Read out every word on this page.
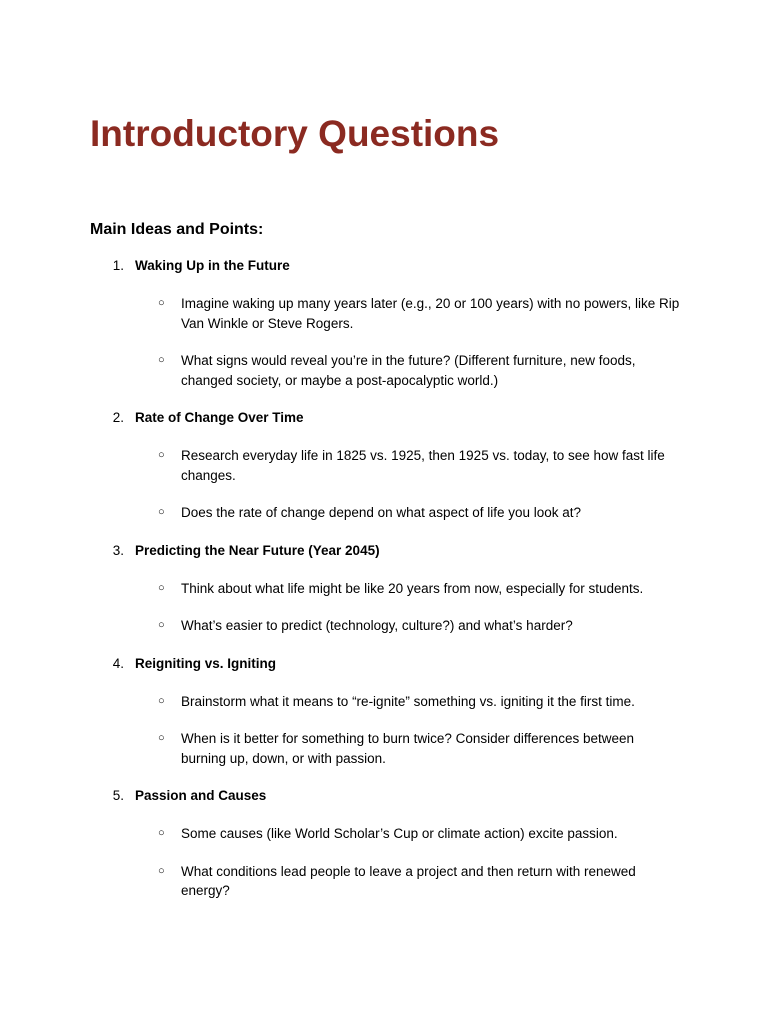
Introductory Questions
Main Ideas and Points:
1. Waking Up in the Future
○ Imagine waking up many years later (e.g., 20 or 100 years) with no powers, like Rip Van Winkle or Steve Rogers.
○ What signs would reveal you’re in the future? (Different furniture, new foods, changed society, or maybe a post-apocalyptic world.)
2. Rate of Change Over Time
○ Research everyday life in 1825 vs. 1925, then 1925 vs. today, to see how fast life changes.
○ Does the rate of change depend on what aspect of life you look at?
3. Predicting the Near Future (Year 2045)
○ Think about what life might be like 20 years from now, especially for students.
○ What’s easier to predict (technology, culture?) and what’s harder?
4. Reigniting vs. Igniting
○ Brainstorm what it means to “re-ignite” something vs. igniting it the first time.
○ When is it better for something to burn twice? Consider differences between burning up, down, or with passion.
5. Passion and Causes
○ Some causes (like World Scholar’s Cup or climate action) excite passion.
○ What conditions lead people to leave a project and then return with renewed energy?
